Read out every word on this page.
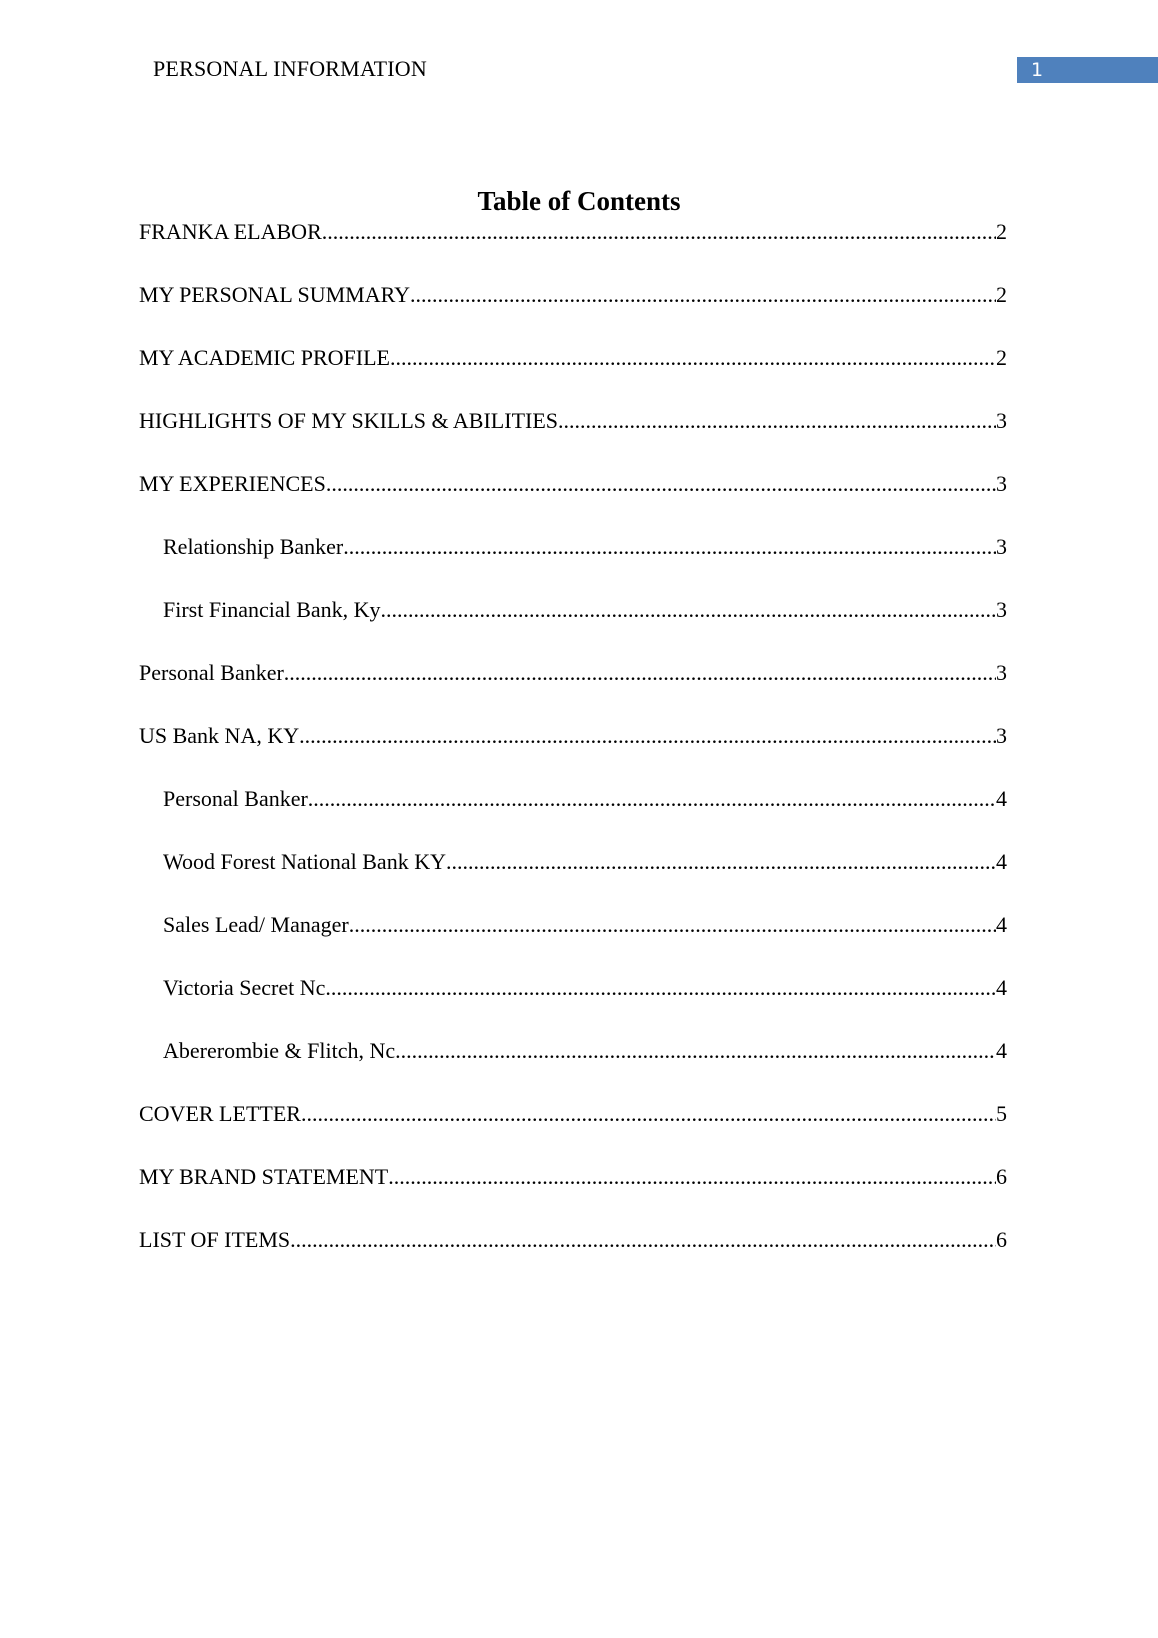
PERSONAL INFORMATION	1
Table of Contents
FRANKA ELABOR .....	2
MY PERSONAL SUMMARY .....	2
MY ACADEMIC PROFILE .....	2
HIGHLIGHTS OF MY SKILLS & ABILITIES .....	3
MY EXPERIENCES .....	3
Relationship Banker .....	3
First Financial Bank, Ky .....	3
Personal Banker .....	3
US Bank NA, KY .....	3
Personal Banker .....	4
Wood Forest National Bank KY .....	4
Sales Lead/ Manager .....	4
Victoria Secret Nc .....	4
Abererombie & Flitch, Nc .....	4
COVER LETTER .....	5
MY BRAND STATEMENT .....	6
LIST OF ITEMS .....	6
